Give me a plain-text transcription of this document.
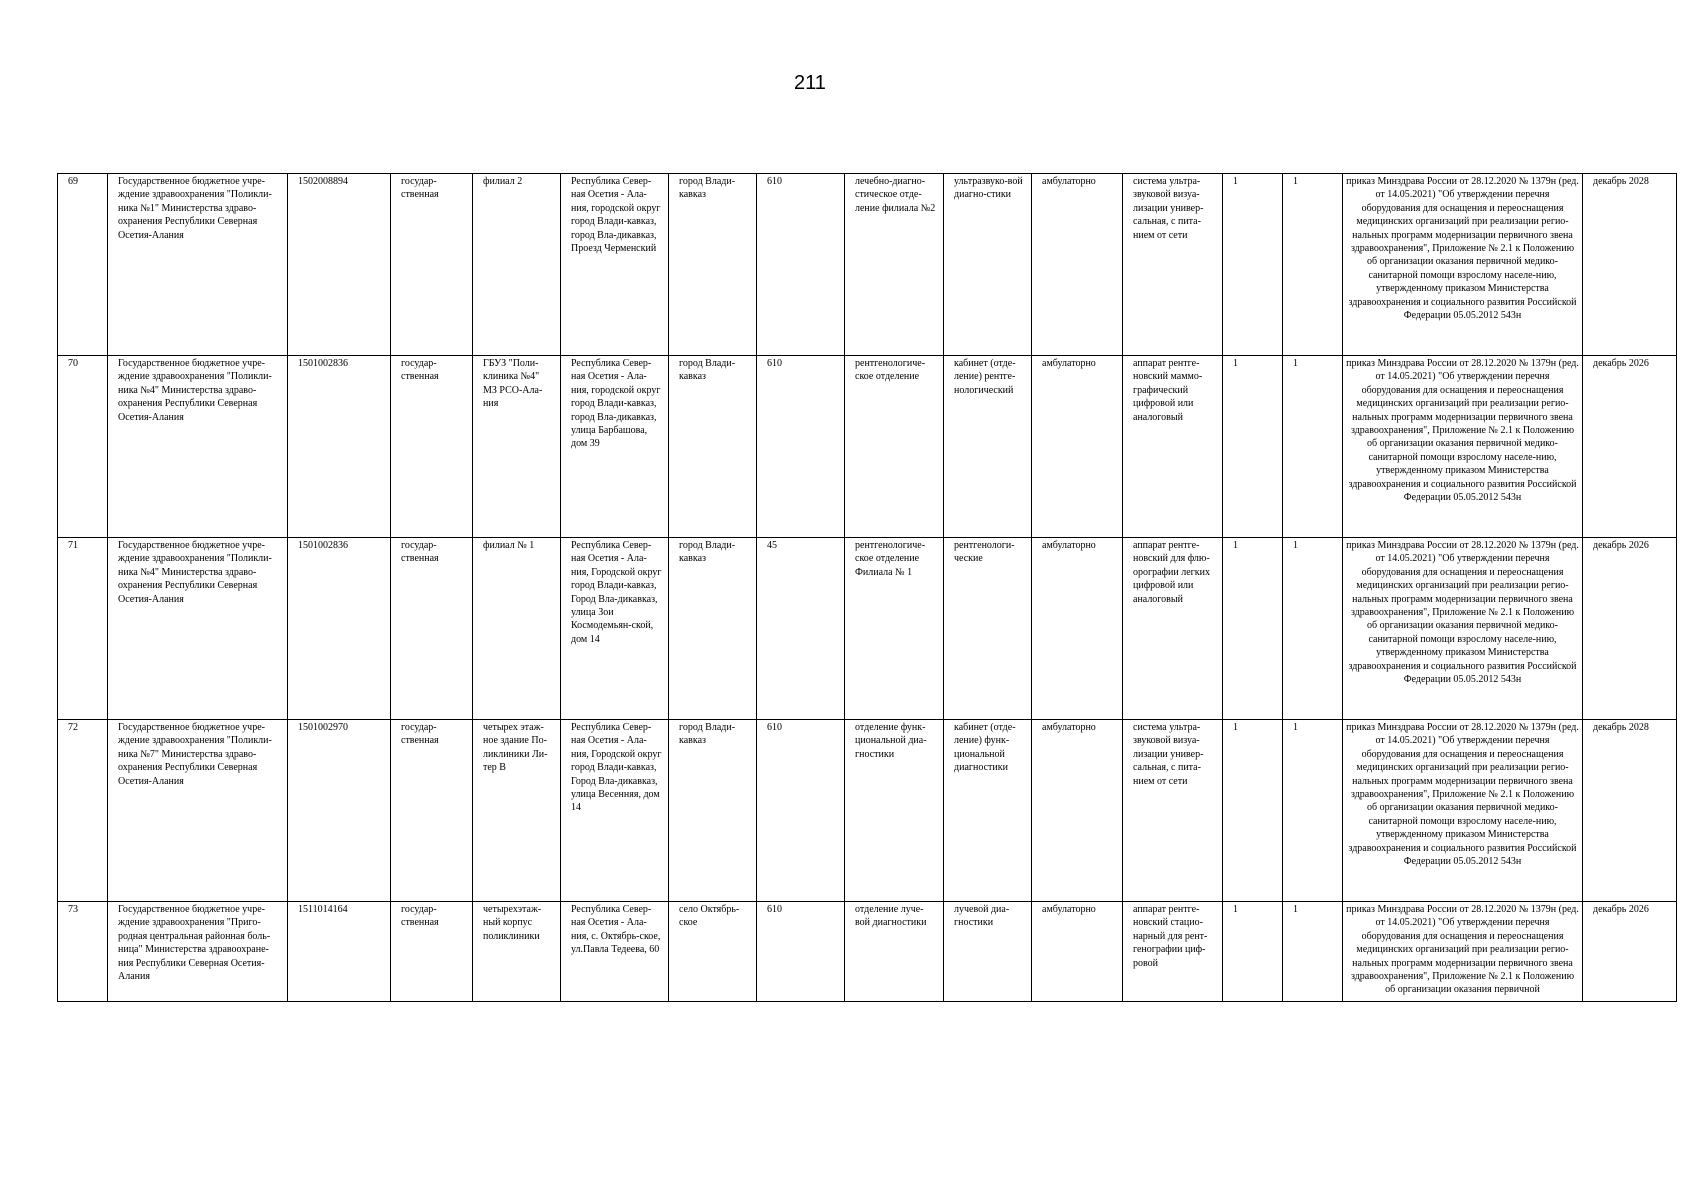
211
69	Государственное бюджетное учре-ждение здравоохранения "Поликли-ника №1" Министерства здраво-охранения Республики Северная Осетия-Алания	1502008894	государ-ственная	филиал 2	Республика Север-ная Осетия - Ала-ния, городской округ город Влади-кавказ, город Вла-дикавказ, Проезд Черменский	город Влади-кавказ	610	лечебно-диагно-стическое отде-ление филиала №2	ультразвуко-вой диагно-стики	амбулаторно	система ультра-звуковой визуа-лизации универ-сальная, с пита-нием от сети	1	1	приказ Минздрава России от 28.12.2020 № 1379н (ред. от 14.05.2021) "Об утверждении перечня оборудования для оснащения и переоснащения медицинских организаций при реализации регио-нальных программ модернизации первичного звена здравоохранения", Приложение № 2.1 к Положению об организации оказания первичной медико-санитарной помощи взрослому населе-нию, утвержденному приказом Министерства здравоохранения и социального развития Российской Федерации 05.05.2012 543н	декабрь 2028
70	Государственное бюджетное учре-ждение здравоохранения "Поликли-ника №4" Министерства здраво-охранения Республики Северная Осетия-Алания	1501002836	государ-ственная	ГБУЗ "Поли-клиника №4" МЗ РСО-Ала-ния	Республика Север-ная Осетия - Ала-ния, городской округ город Влади-кавказ, город Вла-дикавказ, улица Барбашова, дом 39	город Влади-кавказ	610	рентгенологиче-ское отделение	кабинет (отде-ление) рентге-нологический	амбулаторно	аппарат рентге-новский маммо-графический цифровой или аналоговый	1	1	приказ Минздрава России от 28.12.2020 № 1379н (ред. от 14.05.2021) "Об утверждении перечня оборудования для оснащения и переоснащения медицинских организаций при реализации регио-нальных программ модернизации первичного звена здравоохранения", Приложение № 2.1 к Положению об организации оказания первичной медико-санитарной помощи взрослому населе-нию, утвержденному приказом Министерства здравоохранения и социального развития Российской Федерации 05.05.2012 543н	декабрь 2026
71	Государственное бюджетное учре-ждение здравоохранения "Поликли-ника №4" Министерства здраво-охранения Республики Северная Осетия-Алания	1501002836	государ-ственная	филиал № 1	Республика Север-ная Осетия - Ала-ния, Городской округ город Влади-кавказ, Город Вла-дикавказ, улица Зои Космодемьян-ской, дом 14	город Влади-кавказ	45	рентгенологиче-ское отделение Филиала № 1	рентгенологи-ческие	амбулаторно	аппарат рентге-новский для флю-орографии легких цифровой или аналоговый	1	1	приказ Минздрава России от 28.12.2020 № 1379н (ред. от 14.05.2021) "Об утверждении перечня оборудования для оснащения и переоснащения медицинских организаций при реализации регио-нальных программ модернизации первичного звена здравоохранения", Приложение № 2.1 к Положению об организации оказания первичной медико-санитарной помощи взрослому населе-нию, утвержденному приказом Министерства здравоохранения и социального развития Российской Федерации 05.05.2012 543н	декабрь 2026
72	Государственное бюджетное учре-ждение здравоохранения "Поликли-ника №7" Министерства здраво-охранения Республики Северная Осетия-Алания	1501002970	государ-ственная	четырех этаж-ное здание По-ликлиники Ли-тер В	Республика Север-ная Осетия - Ала-ния, Городской округ город Влади-кавказ, Город Вла-дикавказ, улица Весенняя, дом 14	город Влади-кавказ	610	отделение функ-циональной диа-гностики	кабинет (отде-ление) функ-циональной диагностики	амбулаторно	система ультра-звуковой визуа-лизации универ-сальная, с пита-нием от сети	1	1	приказ Минздрава России от 28.12.2020 № 1379н (ред. от 14.05.2021) "Об утверждении перечня оборудования для оснащения и переоснащения медицинских организаций при реализации регио-нальных программ модернизации первичного звена здравоохранения", Приложение № 2.1 к Положению об организации оказания первичной медико-санитарной помощи взрослому населе-нию, утвержденному приказом Министерства здравоохранения и социального развития Российской Федерации 05.05.2012 543н	декабрь 2028
73	Государственное бюджетное учре-ждение здравоохранения "Приго-родная центральная районная боль-ница" Министерства здравоохране-ния Республики Северная Осетия-Алания	1511014164	государ-ственная	четырехэтаж-ный корпус поликлиники	Республика Север-ная Осетия - Ала-ния, с. Октябрь-ское, ул.Павла Тедеева, 60	село Октябрь-ское	610	отделение луче-вой диагностики	лучевой диа-гностики	амбулаторно	аппарат рентге-новский стацио-нарный для рент-генографии циф-ровой	1	1	приказ Минздрава России от 28.12.2020 № 1379н (ред. от 14.05.2021) "Об утверждении перечня оборудования для оснащения и переоснащения медицинских организаций при реализации регио-нальных программ модернизации первичного звена здравоохранения", Приложение № 2.1 к Положению об организации оказания первичной	декабрь 2026
